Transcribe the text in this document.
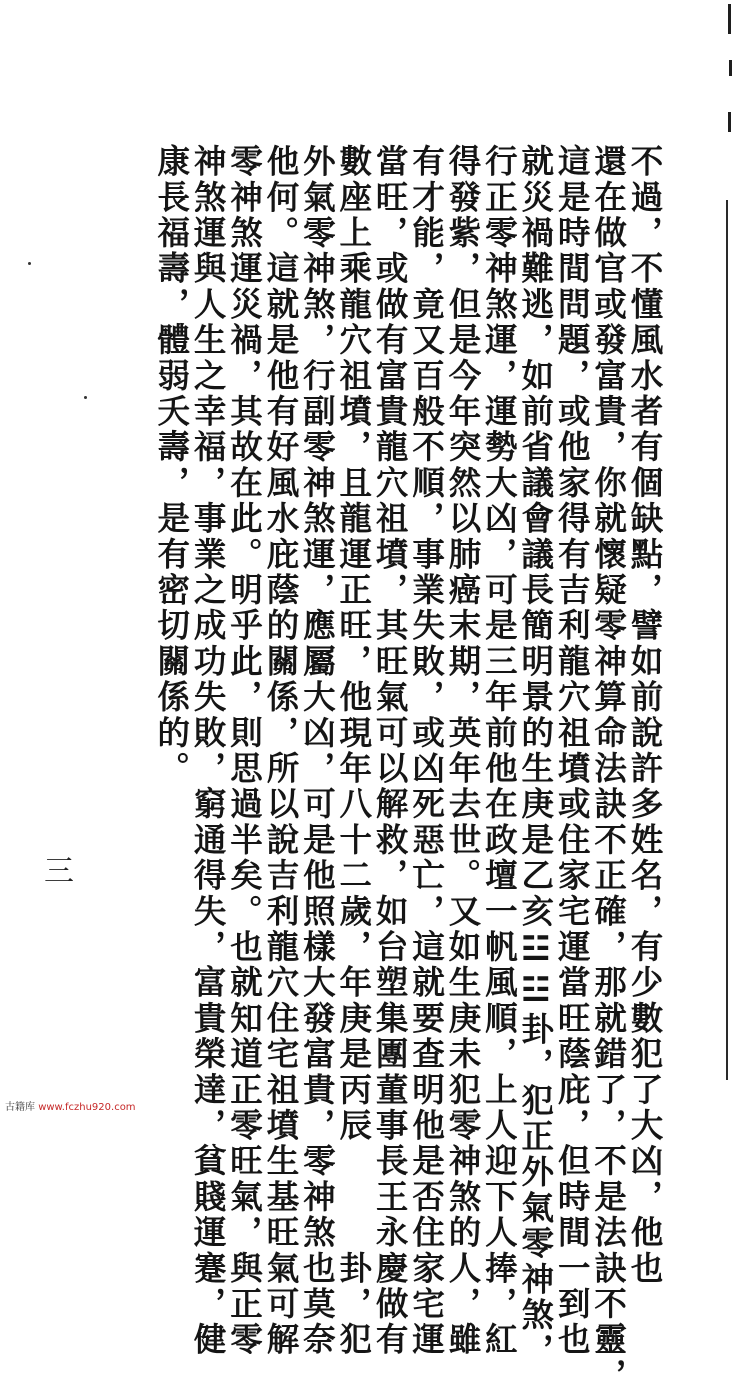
不過，不懂風水者有個缺點，譬如前說許多姓名，有少數犯了大凶，他也
還在做官或發富貴，你就懷疑零神算命法訣不正確，那就錯了，不是法訣不靈，
這是時間問題，或他家得有吉利龍穴祖墳或住家宅運當旺蔭庇，但時間一到也
就災禍難逃，如前省議會議長簡明景的生庚是乙亥☳☳卦，犯正外氣零神煞，
行正零神煞運，運勢大凶，可是三年前他在政壇一帆風順，上人迎下人捧，紅
得發紫，但是今年突然以肺癌末期，英年去世。又如生庚未犯零神煞的人，雖
有才能，竟又百般不順，事業失敗，或凶死惡亡，這就要查明他是否住家宅運
當旺，或做有富貴龍穴祖墳，其旺氣可以解救，如台塑集團董事長王永慶做有
數座上乘龍穴祖墳，且龍運正旺，他現年八十二歲，年庚是丙辰　　　卦，犯
外氣零神煞，行副零神煞運，應屬大凶，可是他照樣大發富貴，零神煞也莫奈
他何。這就是他有好風水庇蔭的關係，所以說吉利龍穴住宅祖墳生基旺氣可解
零神煞運災禍，其故在此。明乎此，則思過半矣。也就知道正零旺氣，與正零
神煞運與人生之幸福，事業之成功失敗，窮通得失，富貴榮達，貧賤運蹇，健
康長福壽，體弱夭壽，是有密切關係的。
三
古籍库 www.fczhu920.com
